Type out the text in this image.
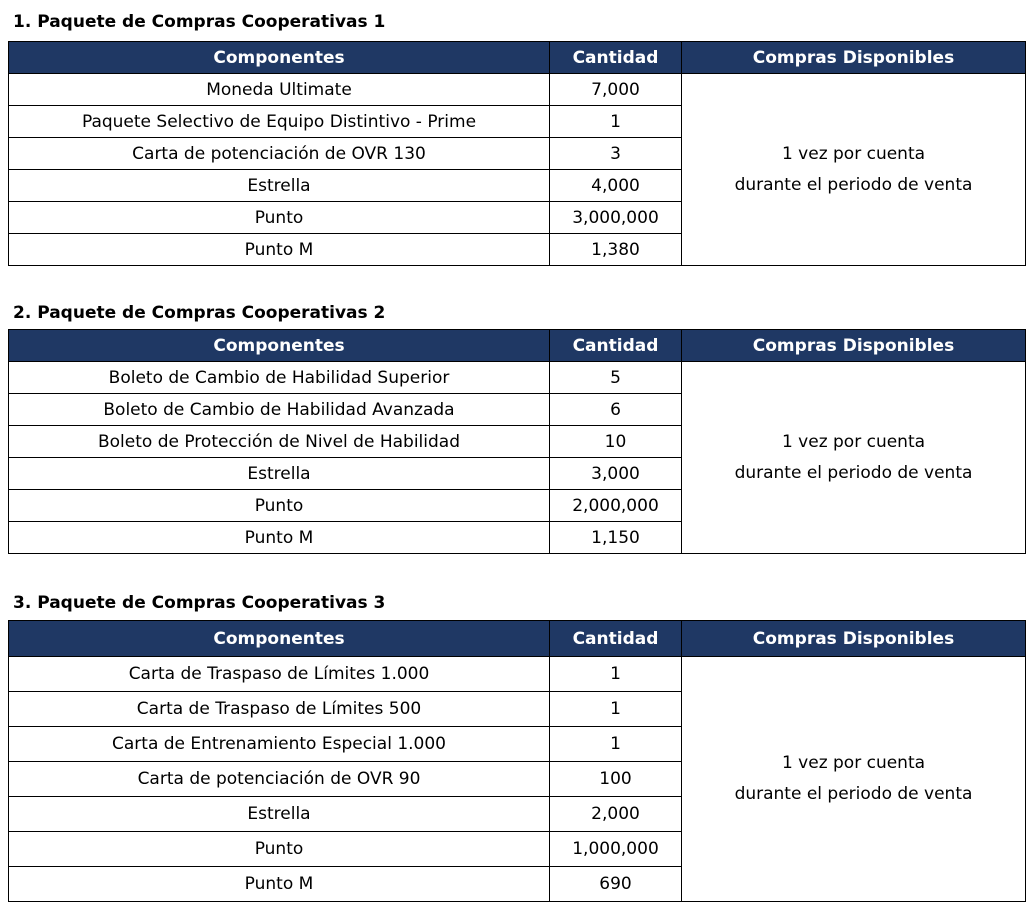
1. Paquete de Compras Cooperativas 1
Componentes	Cantidad	Compras Disponibles
Moneda Ultimate	7,000	1 vez por cuenta
durante el periodo de venta

Paquete Selectivo de Equipo Distintivo - Prime	1	
Carta de potenciación de OVR 130	3	
Estrella	4,000	
Punto	3,000,000	
Punto M	1,380	
2. Paquete de Compras Cooperativas 2
Componentes	Cantidad	Compras Disponibles
Boleto de Cambio de Habilidad Superior	5	1 vez por cuenta
durante el periodo de venta

Boleto de Cambio de Habilidad Avanzada	6	
Boleto de Protección de Nivel de Habilidad	10	
Estrella	3,000	
Punto	2,000,000	
Punto M	1,150	
3. Paquete de Compras Cooperativas 3
Componentes	Cantidad	Compras Disponibles
Carta de Traspaso de Límites 1.000	1	1 vez por cuenta
durante el periodo de venta

Carta de Traspaso de Límites 500	1	
Carta de Entrenamiento Especial 1.000	1	
Carta de potenciación de OVR 90	100	
Estrella	2,000	
Punto	1,000,000	
Punto M	690	
